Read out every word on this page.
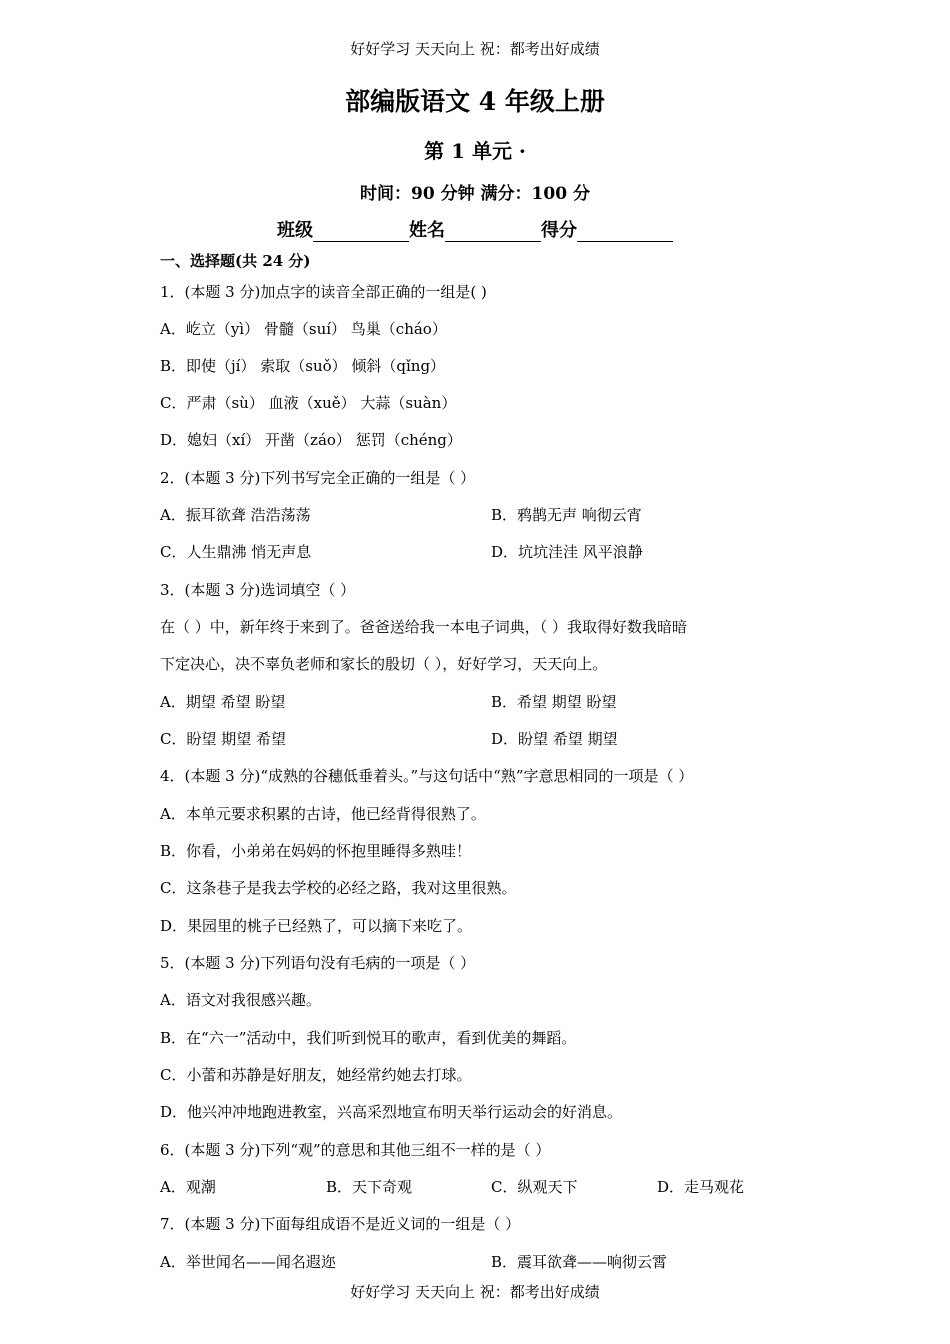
好好学习 天天向上 祝：都考出好成绩
部编版语文 4 年级上册
第 1 单元 ·
时间：90 分钟 满分：100 分
班级	姓名	得分
一、选择题(共 24 分)
1．(本题 3 分)加点字的读音全部正确的一组是( )
A．屹立（yì） 骨髓（suí） 鸟巢（cháo）
B．即使（jí） 索取（suǒ） 倾斜（qǐng）
C．严肃（sù） 血液（xuě） 大蒜（suàn）
D．媳妇（xí） 开凿（záo） 惩罚（chéng）
2．(本题 3 分)下列书写完全正确的一组是（ ）
A．振耳欲聋 浩浩荡荡	B．鸦鹊无声 响彻云宵
C．人生鼎沸 悄无声息	D．坑坑洼洼 风平浪静
3．(本题 3 分)选词填空（ ）
在（ ）中，新年终于来到了。爸爸送给我一本电子词典，（ ）我取得好数我暗暗
下定决心，决不辜负老师和家长的殷切（ ），好好学习，天天向上。
A．期望 希望 盼望	B．希望 期望 盼望
C．盼望 期望 希望	D．盼望 希望 期望
4．(本题 3 分)“成熟的谷穗低垂着头。”与这句话中“熟”字意思相同的一项是（ ）
A．本单元要求积累的古诗，他已经背得很熟了。
B．你看，小弟弟在妈妈的怀抱里睡得多熟哇！
C．这条巷子是我去学校的必经之路，我对这里很熟。
D．果园里的桃子已经熟了，可以摘下来吃了。
5．(本题 3 分)下列语句没有毛病的一项是（ ）
A．语文对我很感兴趣。
B．在“六一”活动中，我们听到悦耳的歌声，看到优美的舞蹈。
C．小蕾和苏静是好朋友，她经常约她去打球。
D．他兴冲冲地跑进教室，兴高采烈地宣布明天举行运动会的好消息。
6．(本题 3 分)下列“观”的意思和其他三组不一样的是（ ）
A．观潮	B．天下奇观	C．纵观天下	D．走马观花
7．(本题 3 分)下面每组成语不是近义词的一组是（ ）
A．举世闻名——闻名遐迩	B．震耳欲聋——响彻云霄
好好学习 天天向上 祝：都考出好成绩
